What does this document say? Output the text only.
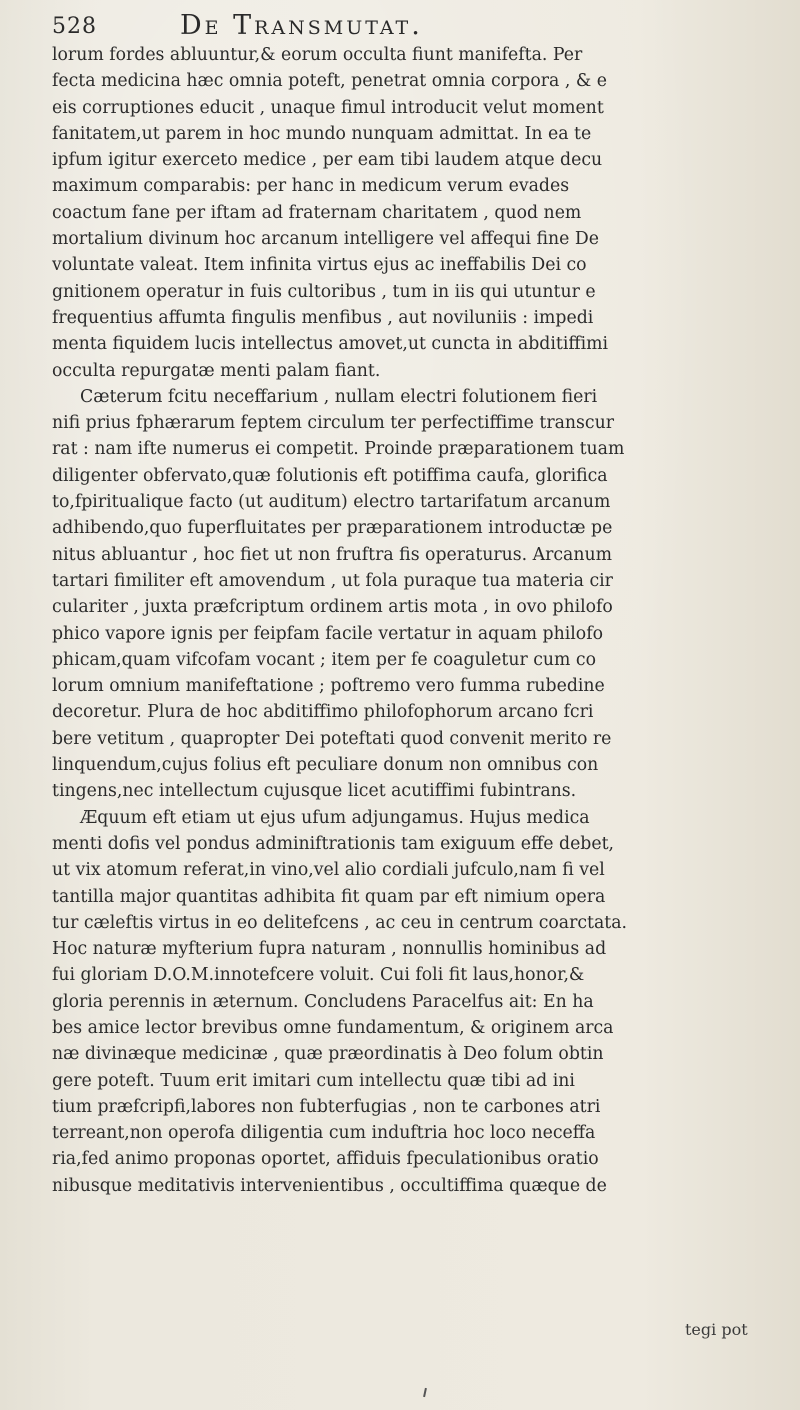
528	De Transmutat.
lorum fordes abluuntur,& eorum occulta fiunt manifefta. Per
fecta medicina hæc omnia poteft, penetrat omnia corpora , & e
eis corruptiones educit , unaque fimul introducit velut moment
fanitatem,ut parem in hoc mundo nunquam admittat. In ea te
ipfum igitur exerceto medice , per eam tibi laudem atque decu
maximum comparabis: per hanc in medicum verum evades
coactum fane per iftam ad fraternam charitatem , quod nem
mortalium divinum hoc arcanum intelligere vel affequi fine De
voluntate valeat. Item infinita virtus ejus ac ineffabilis Dei co
gnitionem operatur in fuis cultoribus , tum in iis qui utuntur e
frequentius affumta fingulis menfibus , aut noviluniis : impedi
menta fiquidem lucis intellectus amovet,ut cuncta in abditiffimi
occulta repurgatæ menti palam fiant.
Cæterum fcitu neceffarium , nullam electri folutionem fieri
nifi prius fphærarum feptem circulum ter perfectiffime transcur
rat : nam ifte numerus ei competit. Proinde præparationem tuam
diligenter obfervato,quæ folutionis eft potiffima caufa, glorifica
to,fpiritualique facto (ut auditum) electro tartarifatum arcanum
adhibendo,quo fuperfluitates per præparationem introductæ pe
nitus abluantur , hoc fiet ut non fruftra fis operaturus. Arcanum
tartari fimiliter eft amovendum , ut fola puraque tua materia cir
culariter , juxta præfcriptum ordinem artis mota , in ovo philofo
phico vapore ignis per feipfam facile vertatur in aquam philofo
phicam,quam vifcofam vocant ; item per fe coaguletur cum co
lorum omnium manifeftatione ; poftremo vero fumma rubedine
decoretur. Plura de hoc abditiffimo philofophorum arcano fcri
bere vetitum , quapropter Dei poteftati quod convenit merito re
linquendum,cujus folius eft peculiare donum non omnibus con
tingens,nec intellectum cujusque licet acutiffimi fubintrans.
Æquum eft etiam ut ejus ufum adjungamus. Hujus medica
menti dofis vel pondus adminiftrationis tam exiguum effe debet,
ut vix atomum referat,in vino,vel alio cordiali jufculo,nam fi vel
tantilla major quantitas adhibita fit quam par eft nimium opera
tur cæleftis virtus in eo delitefcens , ac ceu in centrum coarctata.
Hoc naturæ myfterium fupra naturam , nonnullis hominibus ad
fui gloriam D.O.M.innotefcere voluit. Cui foli fit laus,honor,&
gloria perennis in æternum. Concludens Paracelfus ait: En ha
bes amice lector brevibus omne fundamentum, & originem arca
næ divinæque medicinæ , quæ præordinatis à Deo folum obtin
gere poteft. Tuum erit imitari cum intellectu quæ tibi ad ini
tium præfcripfi,labores non fubterfugias , non te carbones atri
terreant,non operofa diligentia cum induftria hoc loco neceffa
ria,fed animo proponas oportet, affiduis fpeculationibus oratio
nibusque meditativis intervenientibus , occultiffima quæque de
tegi pot
